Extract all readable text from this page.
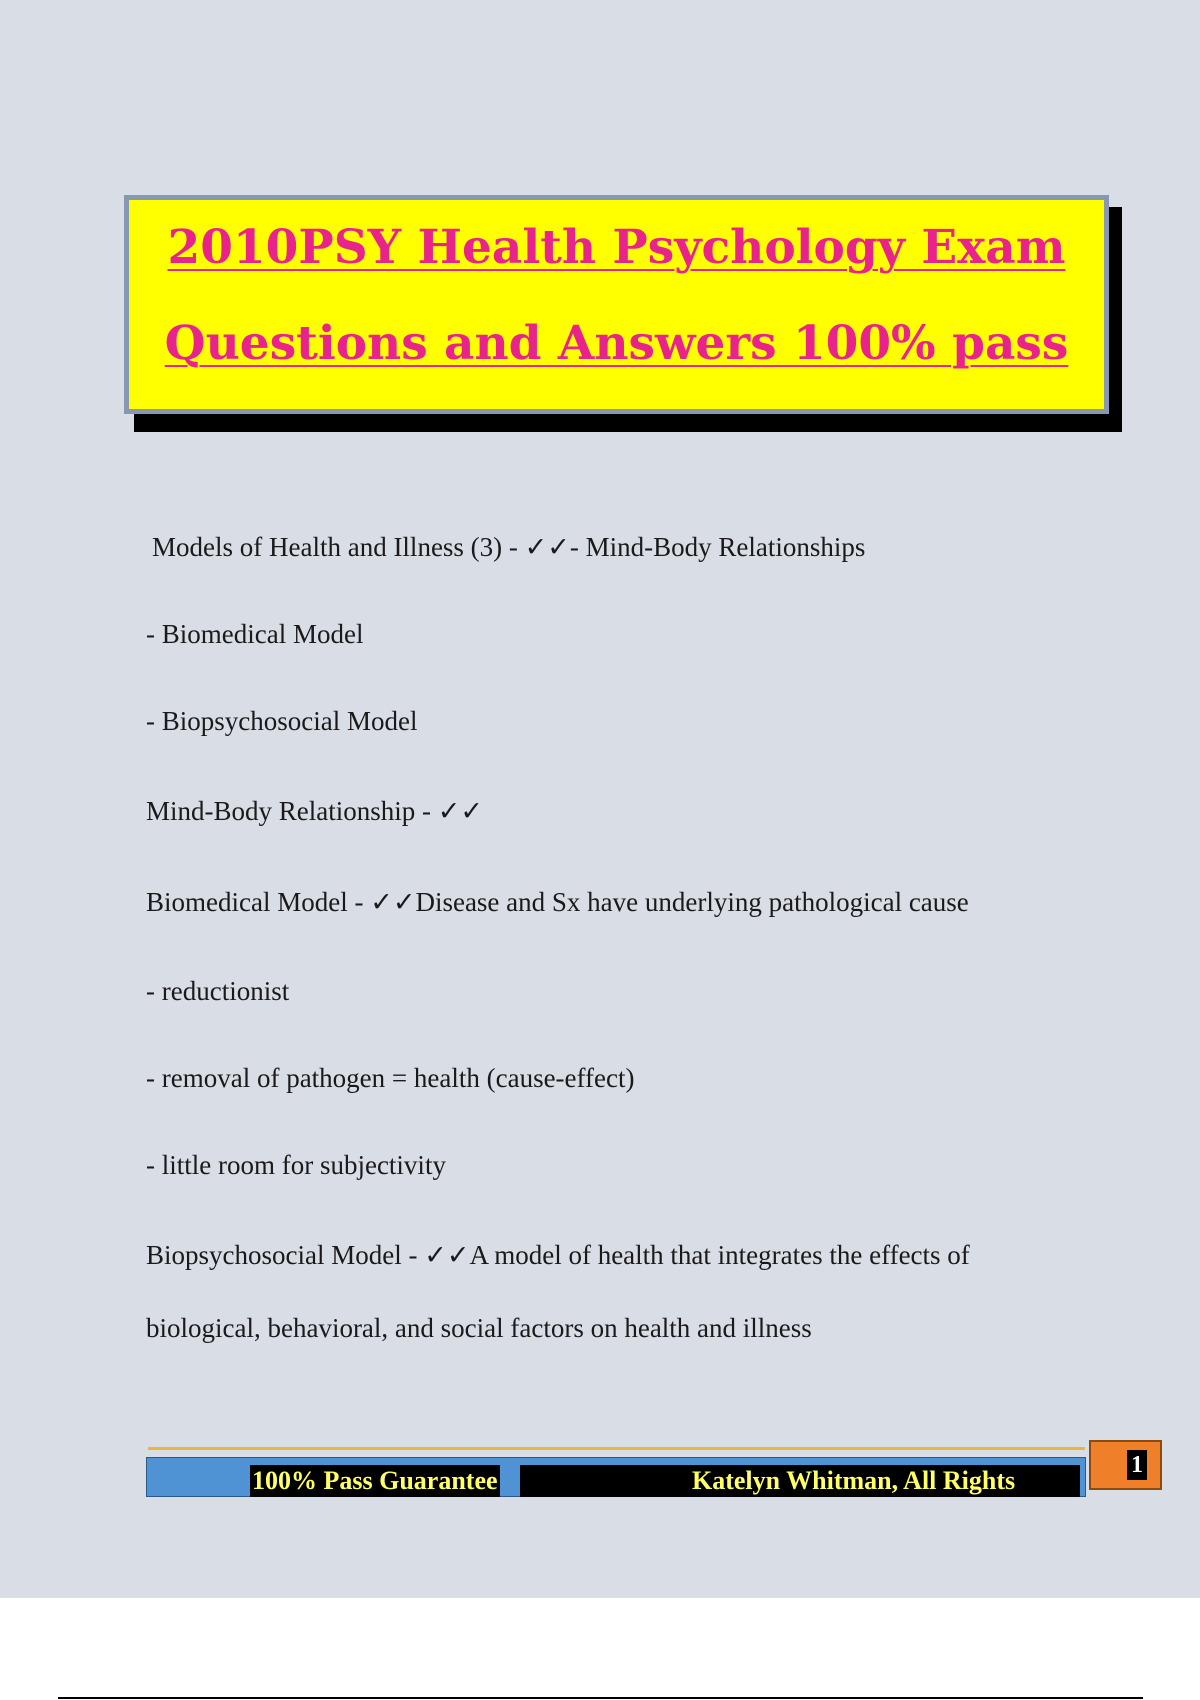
2010PSY Health Psychology Exam
Questions and Answers 100% pass
Models of Health and Illness (3) - ✓✓- Mind-Body Relationships
- Biomedical Model
- Biopsychosocial Model
Mind-Body Relationship - ✓✓
Biomedical Model - ✓✓Disease and Sx have underlying pathological cause
- reductionist
- removal of pathogen = health (cause-effect)
- little room for subjectivity
Biopsychosocial Model - ✓✓A model of health that integrates the effects of
biological, behavioral, and social factors on health and illness
100% Pass Guarantee	Katelyn Whitman, All Rights
1
